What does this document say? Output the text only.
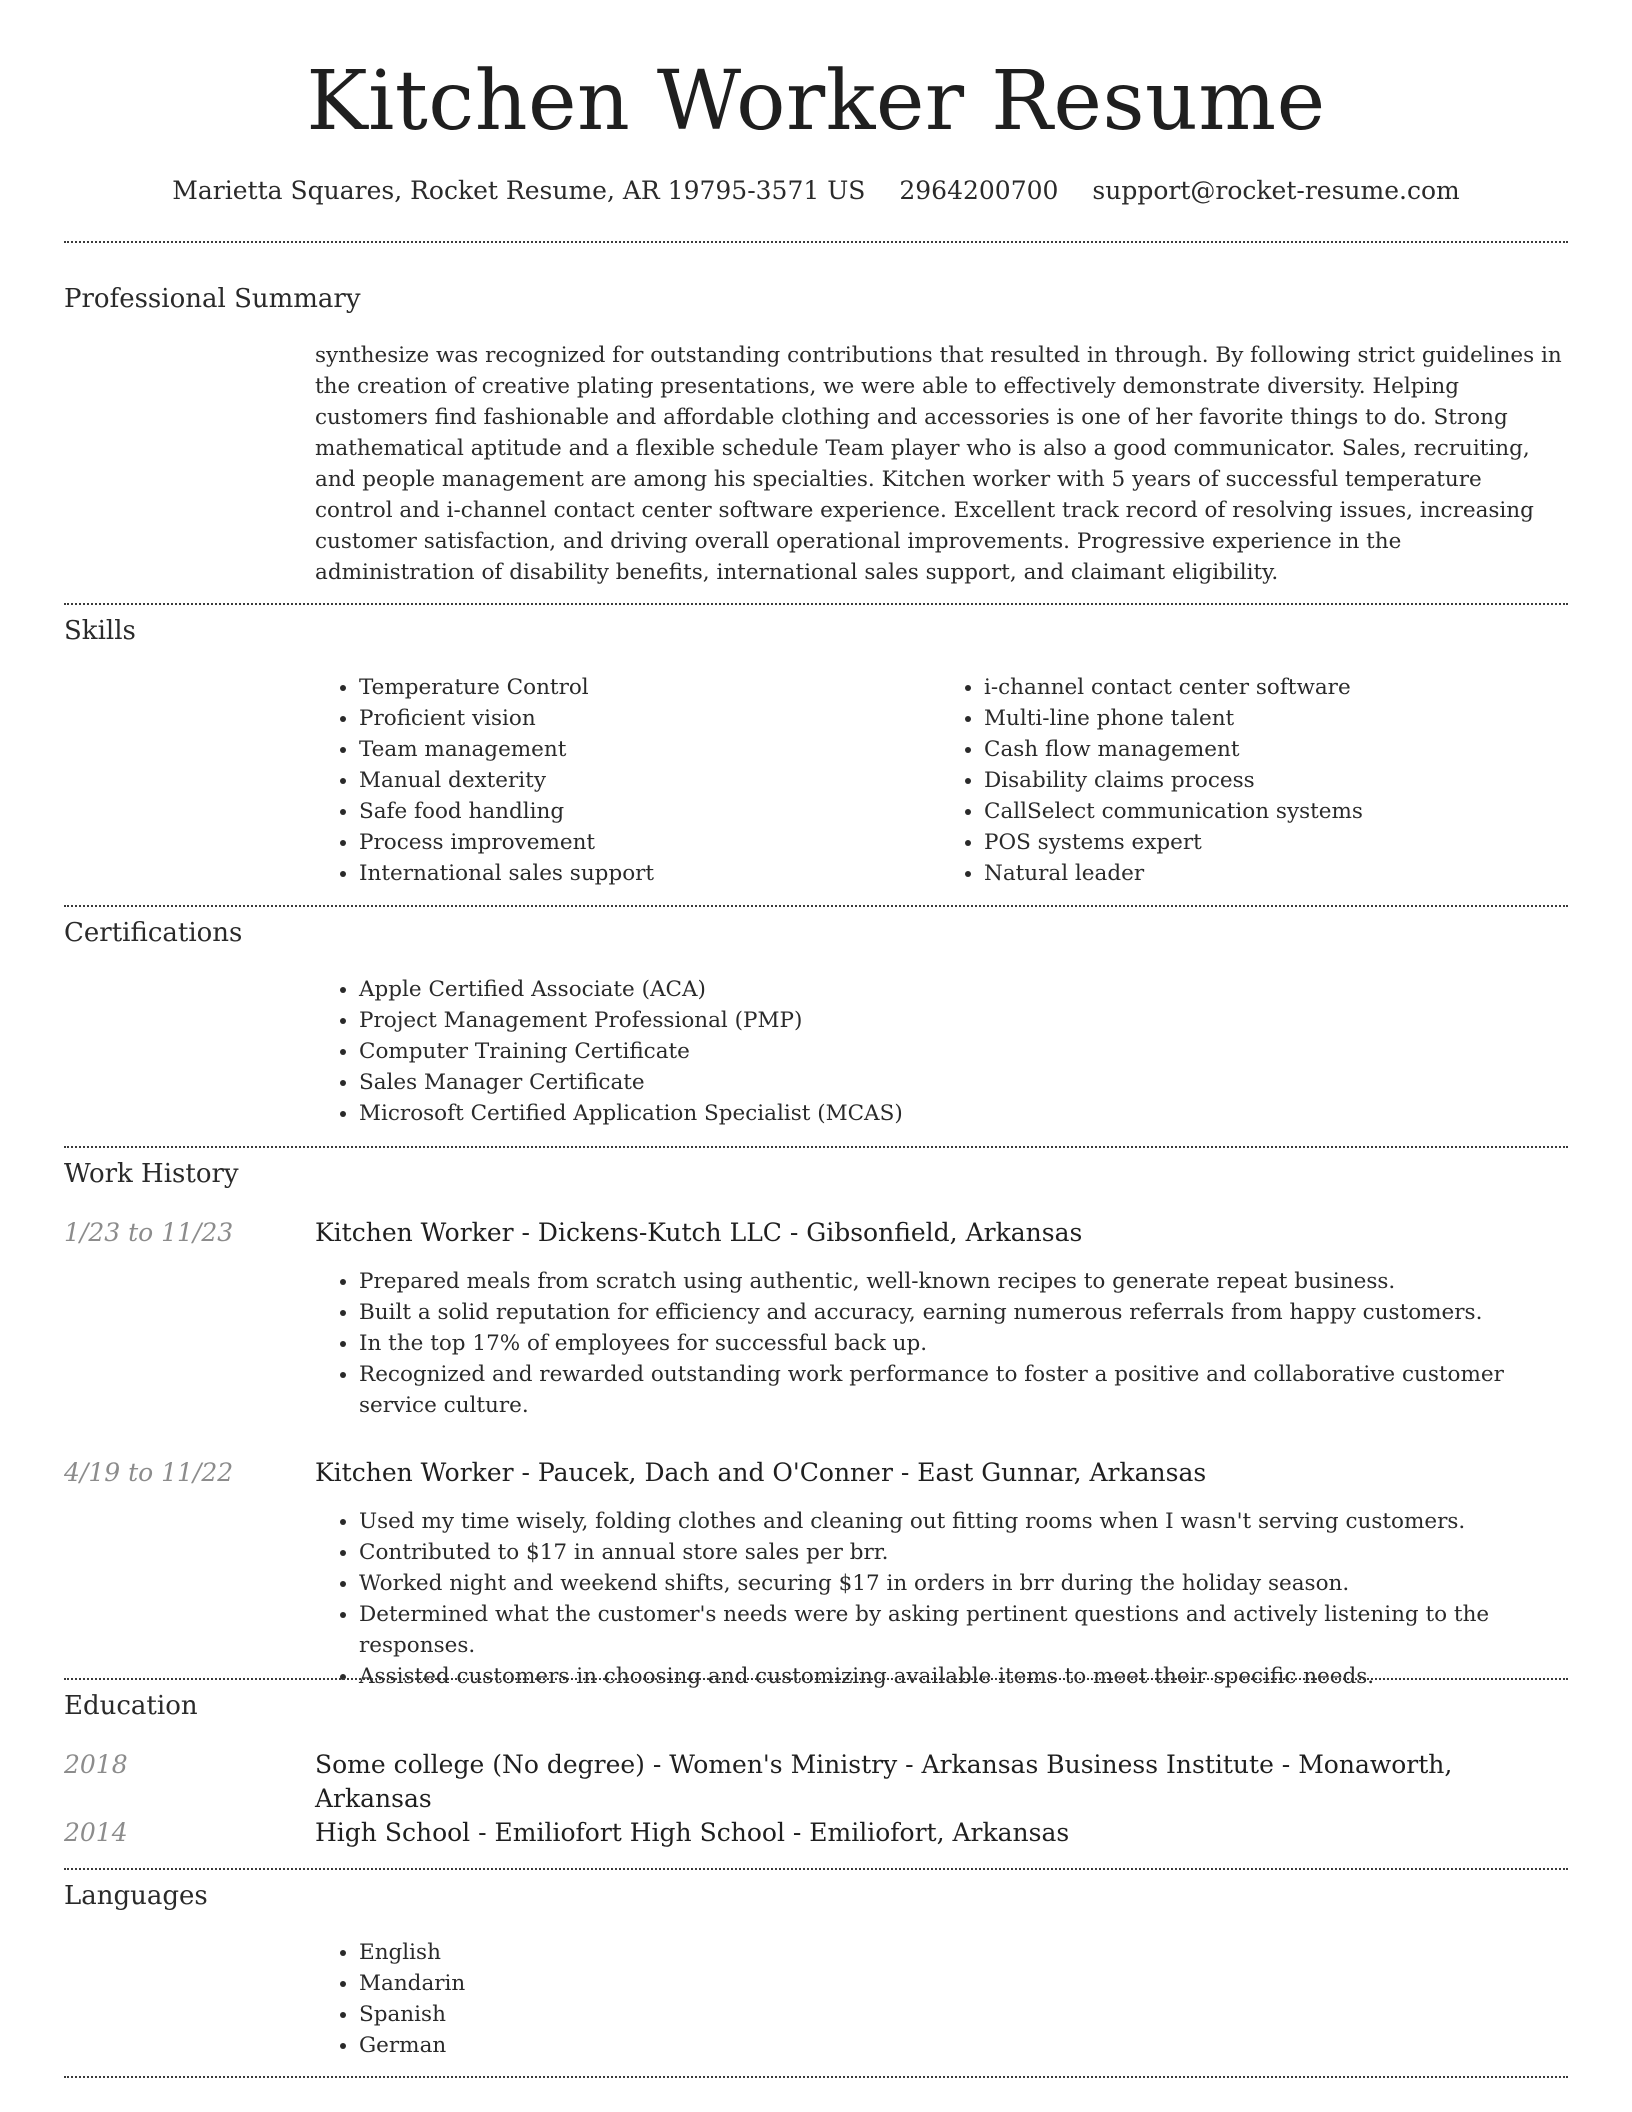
Kitchen Worker Resume
Marietta Squares, Rocket Resume, AR 19795-3571 US 2964200700 support@rocket-resume.com
Professional Summary

synthesize was recognized for outstanding contributions that resulted in through. By following strict guidelines in the creation of creative plating presentations, we were able to effectively demonstrate diversity. Helping customers find fashionable and affordable clothing and accessories is one of her favorite things to do. Strong mathematical aptitude and a flexible schedule Team player who is also a good communicator. Sales, recruiting, and people management are among his specialties. Kitchen worker with 5 years of successful temperature control and i-channel contact center software experience. Excellent track record of resolving issues, increasing customer satisfaction, and driving overall operational improvements. Progressive experience in the administration of disability benefits, international sales support, and claimant eligibility.

Skills
• Temperature Control
• Proficient vision
• Team management
• Manual dexterity
• Safe food handling
• Process improvement
• International sales support
• i-channel contact center software
• Multi-line phone talent
• Cash flow management
• Disability claims process
• CallSelect communication systems
• POS systems expert
• Natural leader
Certifications
• Apple Certified Associate (ACA)
• Project Management Professional (PMP)
• Computer Training Certificate
• Sales Manager Certificate
• Microsoft Certified Application Specialist (MCAS)
Work History
1/23 to 11/23	Kitchen Worker - Dickens-Kutch LLC - Gibsonfield, Arkansas
• Prepared meals from scratch using authentic, well-known recipes to generate repeat business.
• Built a solid reputation for efficiency and accuracy, earning numerous referrals from happy customers.
• In the top 17% of employees for successful back up.
• Recognized and rewarded outstanding work performance to foster a positive and collaborative customer service culture.
4/19 to 11/22	Kitchen Worker - Paucek, Dach and O'Conner - East Gunnar, Arkansas
• Used my time wisely, folding clothes and cleaning out fitting rooms when I wasn't serving customers.
• Contributed to $17 in annual store sales per brr.
• Worked night and weekend shifts, securing $17 in orders in brr during the holiday season.
• Determined what the customer's needs were by asking pertinent questions and actively listening to the responses.
• Assisted customers in choosing and customizing available items to meet their specific needs.
Education
2018	Some college (No degree) - Women's Ministry - Arkansas Business Institute - Monaworth, Arkansas
2014	High School - Emiliofort High School - Emiliofort, Arkansas
Languages
• English
• Mandarin
• Spanish
• German
